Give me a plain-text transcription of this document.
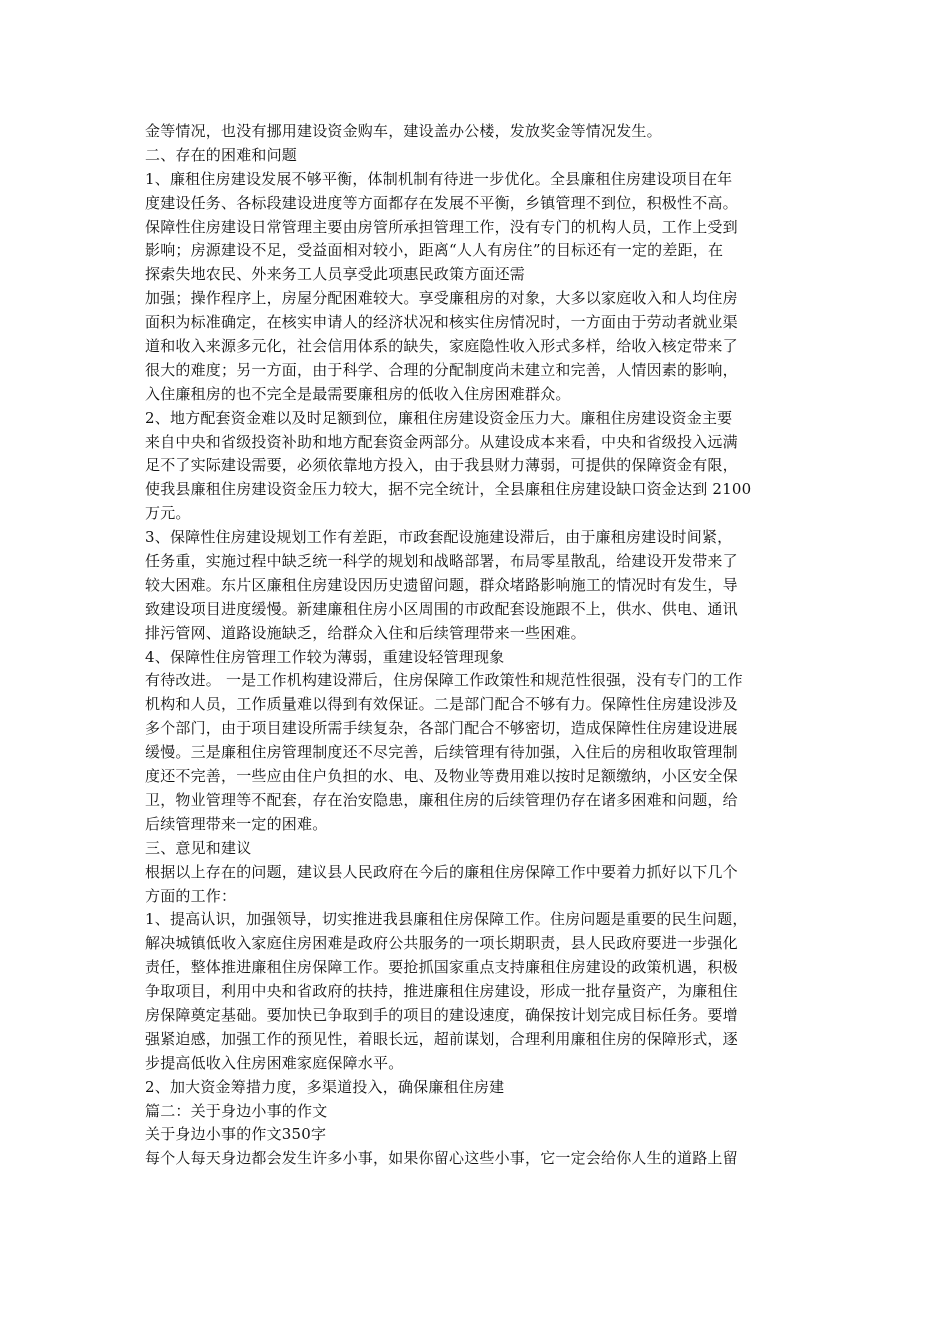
金等情况，也没有挪用建设资金购车，建设盖办公楼，发放奖金等情况发生。
二、存在的困难和问题
1、廉租住房建设发展不够平衡，体制机制有待进一步优化。全县廉租住房建设项目在年
度建设任务、各标段建设进度等方面都存在发展不平衡，乡镇管理不到位，积极性不高。
保障性住房建设日常管理主要由房管所承担管理工作，没有专门的机构人员，工作上受到
影响；房源建设不足，受益面相对较小，距离“人人有房住”的目标还有一定的差距，在
探索失地农民、外来务工人员享受此项惠民政策方面还需
加强；操作程序上，房屋分配困难较大。享受廉租房的对象，大多以家庭收入和人均住房
面积为标准确定，在核实申请人的经济状况和核实住房情况时，一方面由于劳动者就业渠
道和收入来源多元化，社会信用体系的缺失，家庭隐性收入形式多样，给收入核定带来了
很大的难度；另一方面，由于科学、合理的分配制度尚未建立和完善，人情因素的影响，
入住廉租房的也不完全是最需要廉租房的低收入住房困难群众。
2、地方配套资金难以及时足额到位，廉租住房建设资金压力大。廉租住房建设资金主要
来自中央和省级投资补助和地方配套资金两部分。从建设成本来看，中央和省级投入远满
足不了实际建设需要，必须依靠地方投入，由于我县财力薄弱，可提供的保障资金有限，
使我县廉租住房建设资金压力较大，据不完全统计，全县廉租住房建设缺口资金达到 2100
万元。
3、保障性住房建设规划工作有差距，市政套配设施建设滞后，由于廉租房建设时间紧，
任务重，实施过程中缺乏统一科学的规划和战略部署，布局零星散乱，给建设开发带来了
较大困难。东片区廉租住房建设因历史遗留问题，群众堵路影响施工的情况时有发生，导
致建设项目进度缓慢。新建廉租住房小区周围的市政配套设施跟不上，供水、供电、通讯
排污管网、道路设施缺乏，给群众入住和后续管理带来一些困难。
4、保障性住房管理工作较为薄弱，重建设轻管理现象
有待改进。 一是工作机构建设滞后，住房保障工作政策性和规范性很强，没有专门的工作
机构和人员，工作质量难以得到有效保证。二是部门配合不够有力。保障性住房建设涉及
多个部门，由于项目建设所需手续复杂，各部门配合不够密切，造成保障性住房建设进展
缓慢。三是廉租住房管理制度还不尽完善，后续管理有待加强，入住后的房租收取管理制
度还不完善，一些应由住户负担的水、电、及物业等费用难以按时足额缴纳，小区安全保
卫，物业管理等不配套，存在治安隐患，廉租住房的后续管理仍存在诸多困难和问题，给
后续管理带来一定的困难。
三、意见和建议
根据以上存在的问题，建议县人民政府在今后的廉租住房保障工作中要着力抓好以下几个
方面的工作：
1、提高认识，加强领导，切实推进我县廉租住房保障工作。住房问题是重要的民生问题，
解决城镇低收入家庭住房困难是政府公共服务的一项长期职责，县人民政府要进一步强化
责任，整体推进廉租住房保障工作。要抢抓国家重点支持廉租住房建设的政策机遇，积极
争取项目，利用中央和省政府的扶持，推进廉租住房建设，形成一批存量资产，为廉租住
房保障奠定基础。要加快已争取到手的项目的建设速度，确保按计划完成目标任务。要增
强紧迫感，加强工作的预见性，着眼长远，超前谋划，合理利用廉租住房的保障形式，逐
步提高低收入住房困难家庭保障水平。
2、加大资金筹措力度，多渠道投入，确保廉租住房建
篇二：关于身边小事的作文
关于身边小事的作文350字
每个人每天身边都会发生许多小事，如果你留心这些小事，它一定会给你人生的道路上留
